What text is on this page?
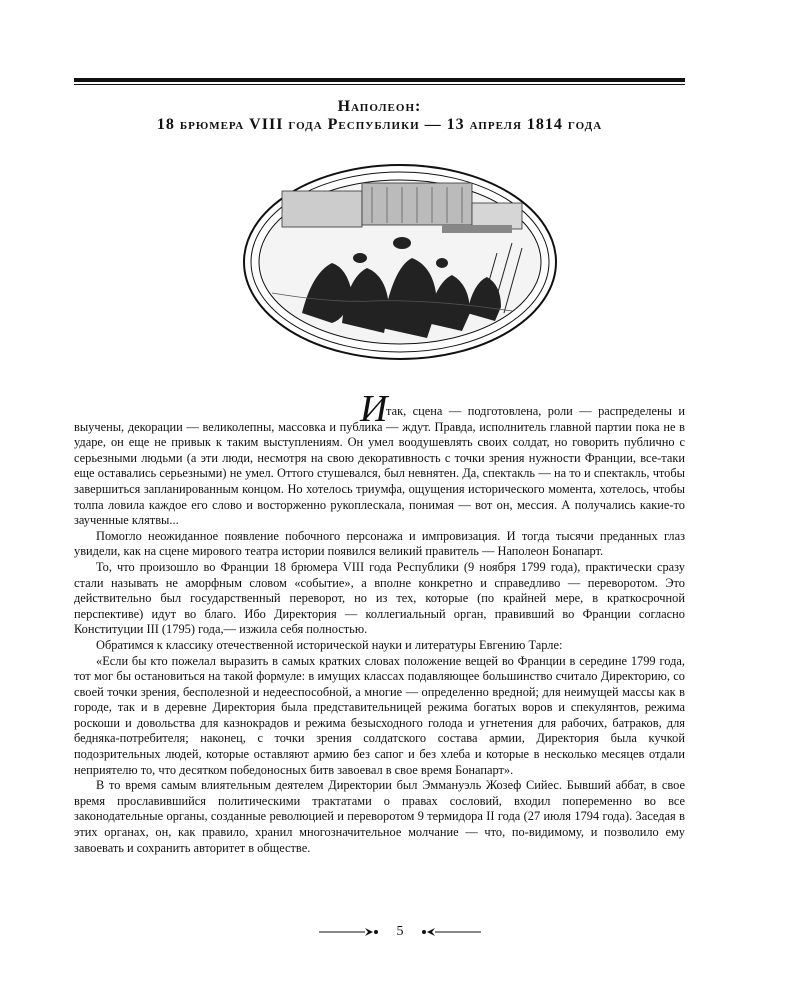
Наполеон:
18 брюмера VIII года Республики — 13 апреля 1814 года
И

так, сцена — подготовлена, роли — распределены и выучены, декорации — великолепны, массовка и публика — ждут. Правда, исполнитель главной партии пока не в ударе, он еще не привык к таким выступлениям. Он умел воодушевлять своих солдат, но говорить публично с серьезными людьми (а эти люди, несмотря на свою декоративность с точки зрения нужности Франции, все-таки еще оставались серьезными) не умел. Оттого стушевался, был невнятен. Да, спектакль — на то и спектакль, чтобы завершиться запланированным концом. Но хотелось триумфа, ощущения исторического момента, хотелось, чтобы толпа ловила каждое его слово и восторженно рукоплескала, понимая — вот он, мессия. А получались какие-то заученные клятвы...

Помогло неожиданное появление побочного персонажа и импровизация. И тогда тысячи преданных глаз увидели, как на сцене мирового театра истории появился великий правитель — Наполеон Бонапарт.

То, что произошло во Франции 18 брюмера VIII года Республики (9 ноября 1799 года), практически сразу стали называть не аморфным словом «событие», а вполне конкретно и справедливо — переворотом. Это действительно был государственный переворот, но из тех, которые (по крайней мере, в краткосрочной перспективе) идут во благо. Ибо Директория — коллегиальный орган, правивший во Франции согласно Конституции III (1795) года,— изжила себя полностью.

Обратимся к классику отечественной исторической науки и литературы Евгению Тарле:

«Если бы кто пожелал выразить в самых кратких словах положение вещей во Франции в середине 1799 года, тот мог бы остановиться на такой формуле: в имущих классах подавляющее большинство считало Директорию, со своей точки зрения, бесполезной и недееспособной, а многие — определенно вредной; для неимущей массы как в городе, так и в деревне Директория была представительницей режима богатых воров и спекулянтов, режима роскоши и довольства для казнокрадов и режима безысходного голода и угнетения для рабочих, батраков, для бедняка-потребителя; наконец, с точки зрения солдатского состава армии, Директория была кучкой подозрительных людей, которые оставляют армию без сапог и без хлеба и которые в несколько месяцев отдали неприятелю то, что десятком победоносных битв завоевал в свое время Бонапарт».

В то время самым влиятельным деятелем Директории был Эммануэль Жозеф Сийес. Бывший аббат, в свое время прославившийся политическими трактатами о правах сословий, входил попеременно во все законодательные органы, созданные революцией и переворотом 9 термидора II года (27 июля 1794 года). Заседая в этих органах, он, как правило, хранил многозначительное молчание — что, по-видимому, и позволило ему завоевать и сохранить авторитет в обществе.

5
